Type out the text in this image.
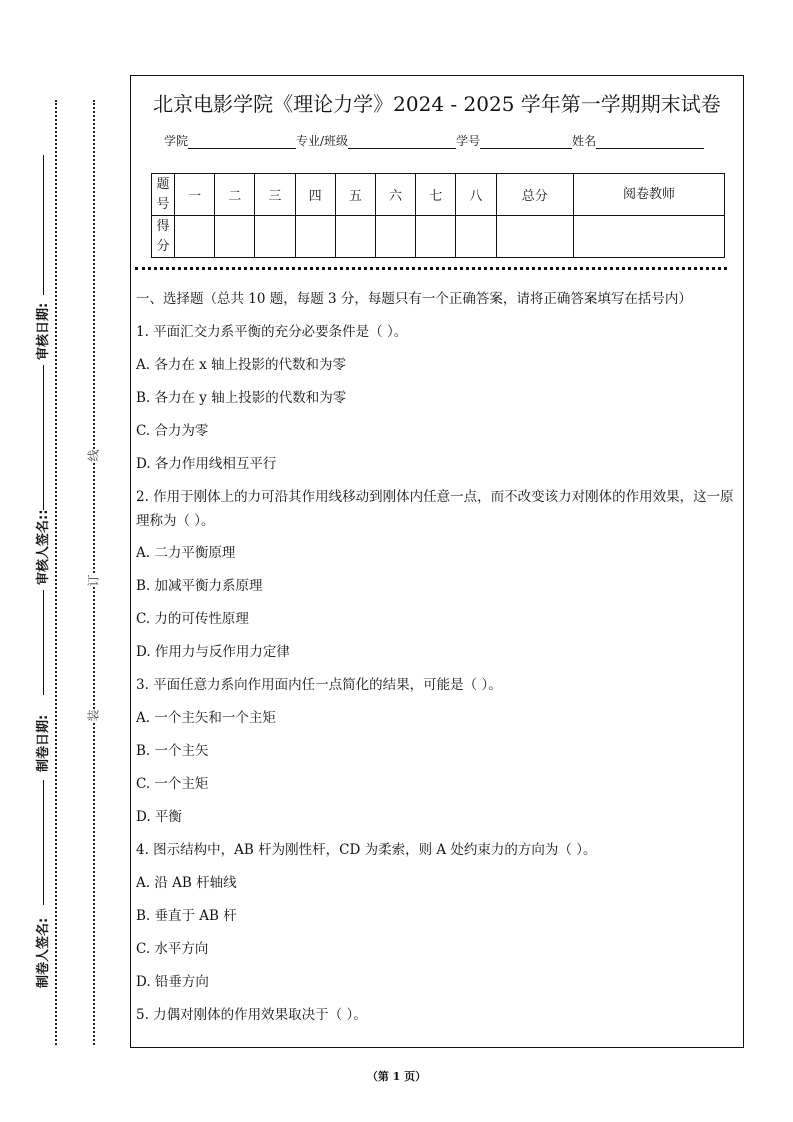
审核日期:
审核人签名::
制卷日期:
制卷人签名:
线
订
装
北京电影学院《理论力学》2024 - 2025 学年第一学期期末试卷
学院	专业/班级	学号	姓名
题号	一	二	三	四	五	六	七	八	总分	阅卷教师
得分										

一、选择题（总共 10 题，每题 3 分，每题只有一个正确答案，请将正确答案填写在括号内）

1. 平面汇交力系平衡的充分必要条件是（ ）。

A. 各力在 x 轴上投影的代数和为零

B. 各力在 y 轴上投影的代数和为零

C. 合力为零

D. 各力作用线相互平行

2. 作用于刚体上的力可沿其作用线移动到刚体内任意一点，而不改变该力对刚体的作用效果，这一原理称为（ ）。

A. 二力平衡原理

B. 加减平衡力系原理

C. 力的可传性原理

D. 作用力与反作用力定律

3. 平面任意力系向作用面内任一点简化的结果，可能是（ ）。

A. 一个主矢和一个主矩

B. 一个主矢

C. 一个主矩

D. 平衡

4. 图示结构中，AB 杆为刚性杆，CD 为柔索，则 A 处约束力的方向为（ ）。

A. 沿 AB 杆轴线

B. 垂直于 AB 杆

C. 水平方向

D. 铅垂方向

5. 力偶对刚体的作用效果取决于（ ）。

（第 1 页）
